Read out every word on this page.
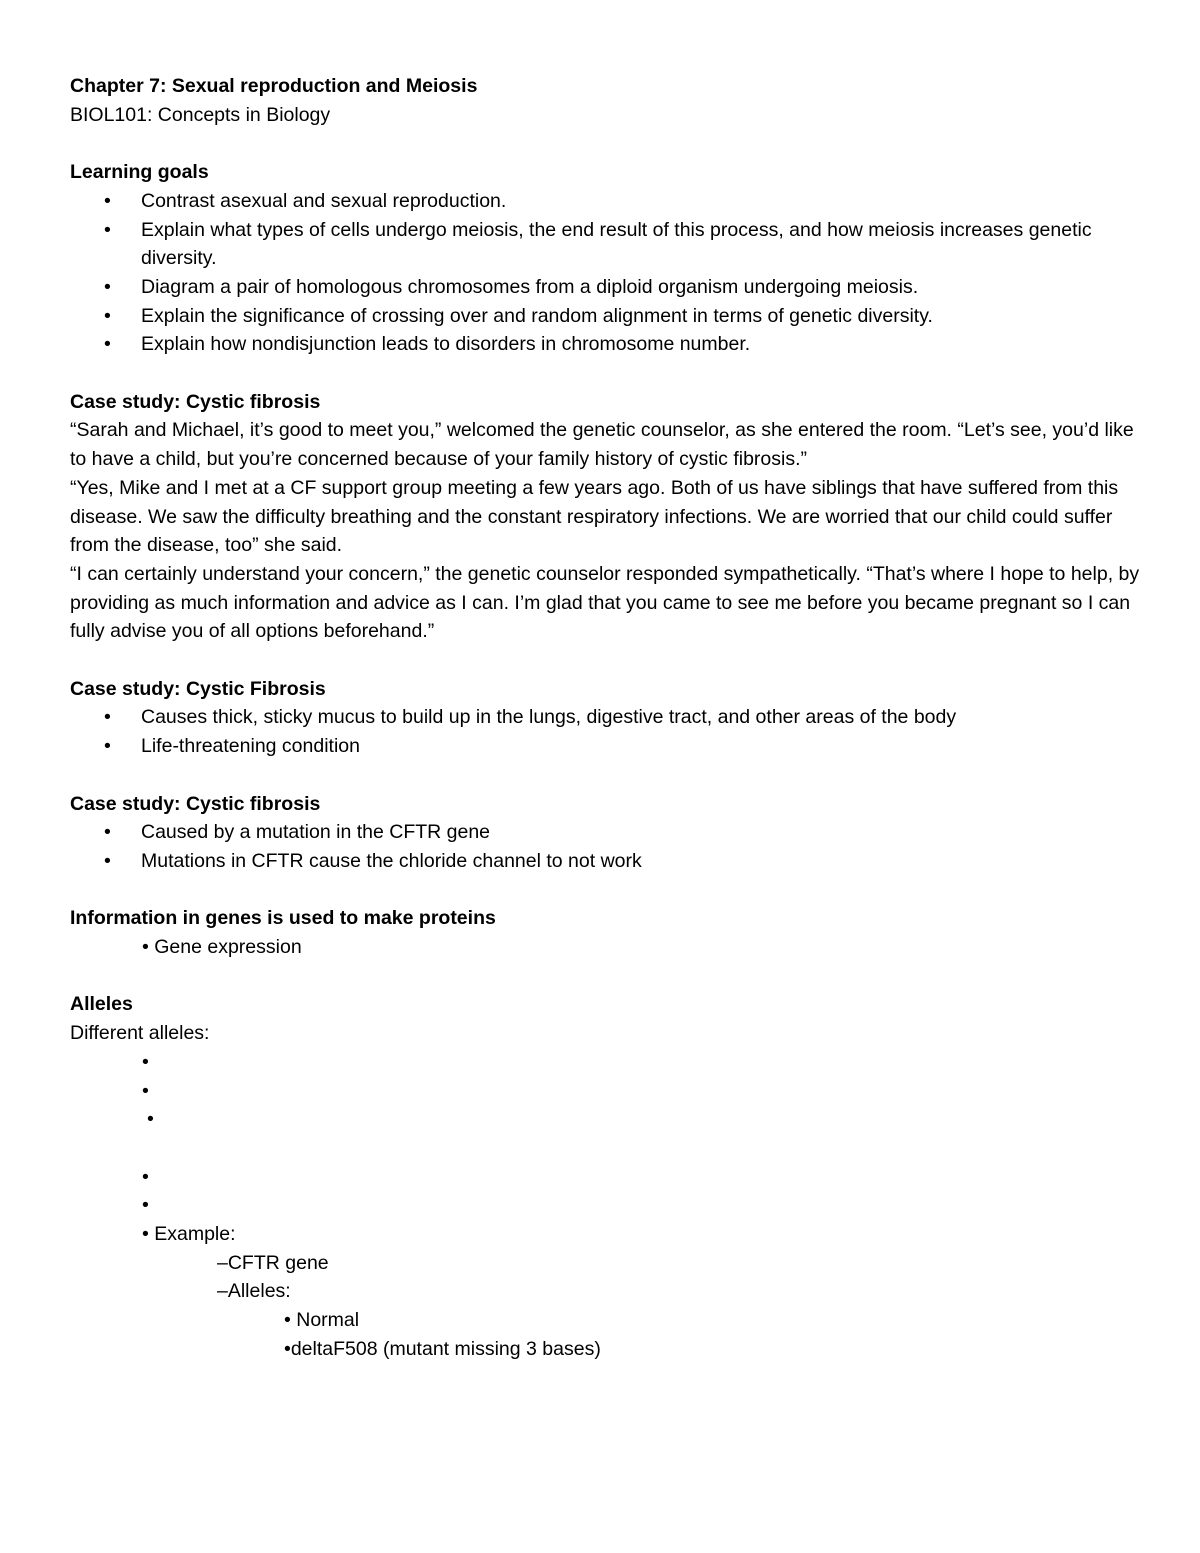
Chapter 7: Sexual reproduction and Meiosis

BIOL101: Concepts in Biology

Learning goals

• Contrast asexual and sexual reproduction.
• Explain what types of cells undergo meiosis, the end result of this process, and how meiosis increases genetic diversity.
• Diagram a pair of homologous chromosomes from a diploid organism undergoing meiosis.
• Explain the significance of crossing over and random alignment in terms of genetic diversity.
• Explain how nondisjunction leads to disorders in chromosome number.

Case study: Cystic fibrosis

“Sarah and Michael, it’s good to meet you,” welcomed the genetic counselor, as she entered the room. “Let’s see, you’d like to have a child, but you’re concerned because of your family history of cystic fibrosis.”

“Yes, Mike and I met at a CF support group meeting a few years ago. Both of us have siblings that have suffered from this disease. We saw the difficulty breathing and the constant respiratory infections. We are worried that our child could suffer from the disease, too” she said.

“I can certainly understand your concern,” the genetic counselor responded sympathetically. “That’s where I hope to help, by providing as much information and advice as I can. I’m glad that you came to see me before you became pregnant so I can fully advise you of all options beforehand.”

Case study: Cystic Fibrosis

• Causes thick, sticky mucus to build up in the lungs, digestive tract, and other areas of the body
• Life-threatening condition

Case study: Cystic fibrosis

• Caused by a mutation in the CFTR gene
• Mutations in CFTR cause the chloride channel to not work

Information in genes is used to make proteins

• Gene expression

Alleles

Different alleles:

•

•

•

•

•

• Example:

–CFTR gene

–Alleles:

• Normal

•deltaF508 (mutant missing 3 bases)
